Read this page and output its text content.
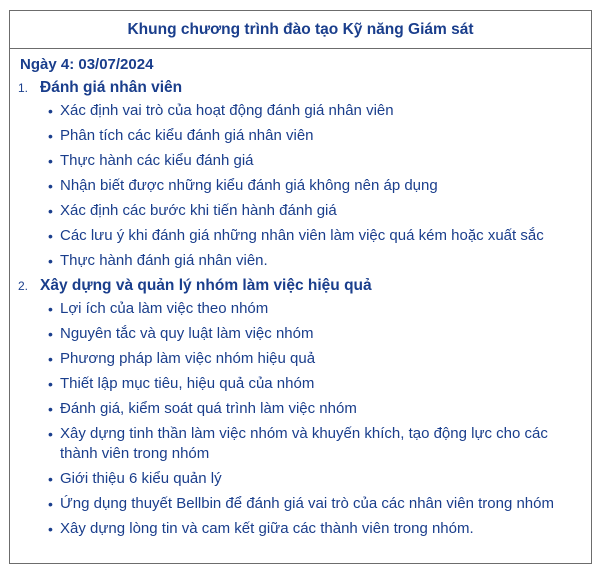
Khung chương trình đào tạo Kỹ năng Giám sát
Ngày 4: 03/07/2024
1. Đánh giá nhân viên
• Xác định vai trò của hoạt động đánh giá nhân viên
• Phân tích các kiểu đánh giá nhân viên
• Thực hành các kiểu đánh giá
• Nhận biết được những kiểu đánh giá không nên áp dụng
• Xác định các bước khi tiến hành đánh giá
• Các lưu ý khi đánh giá những nhân viên làm việc quá kém hoặc xuất sắc
• Thực hành đánh giá nhân viên.
2. Xây dựng và quản lý nhóm làm việc hiệu quả
• Lợi ích của làm việc theo nhóm
• Nguyên tắc và quy luật làm việc nhóm
• Phương pháp làm việc nhóm hiệu quả
• Thiết lập mục tiêu, hiệu quả của nhóm
• Đánh giá, kiểm soát quá trình làm việc nhóm
• Xây dựng tinh thần làm việc nhóm và khuyến khích, tạo động lực cho các thành viên trong nhóm
• Giới thiệu 6 kiểu quản lý
• Ứng dụng thuyết Bellbin để đánh giá vai trò của các nhân viên trong nhóm
• Xây dựng lòng tin và cam kết giữa các thành viên trong nhóm.
